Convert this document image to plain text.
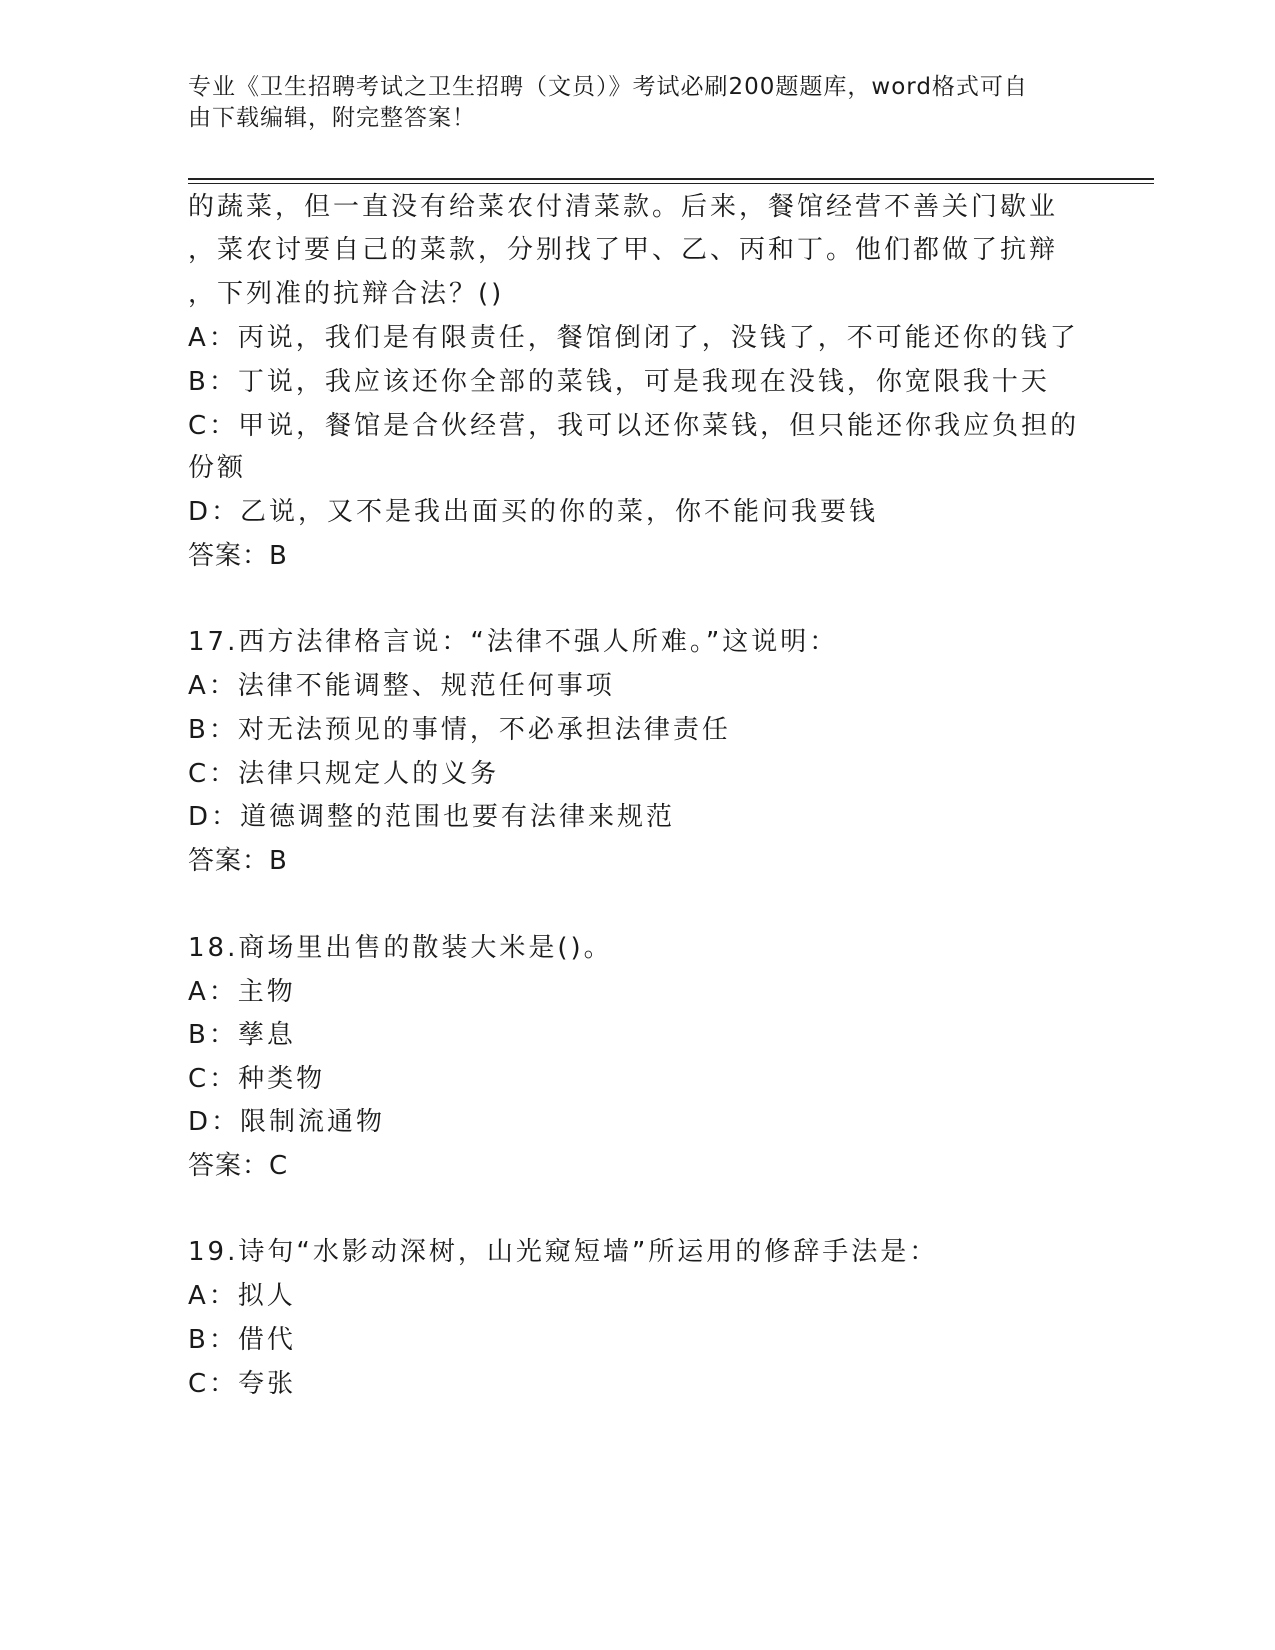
专业《卫生招聘考试之卫生招聘（文员）》考试必刷200题题库，word格式可自
由下载编辑，附完整答案！
的蔬菜，但一直没有给菜农付清菜款。后来，餐馆经营不善关门歇业
，菜农讨要自己的菜款，分别找了甲、乙、丙和丁。他们都做了抗辩
，下列准的抗辩合法？()
A：丙说，我们是有限责任，餐馆倒闭了，没钱了，不可能还你的钱了
B：丁说，我应该还你全部的菜钱，可是我现在没钱，你宽限我十天
C：甲说，餐馆是合伙经营，我可以还你菜钱，但只能还你我应负担的
份额
D：乙说，又不是我出面买的你的菜，你不能问我要钱
答案：B
17.西方法律格言说：“法律不强人所难。”这说明：
A：法律不能调整、规范任何事项
B：对无法预见的事情，不必承担法律责任
C：法律只规定人的义务
D：道德调整的范围也要有法律来规范
答案：B
18.商场里出售的散装大米是()。
A：主物
B：孳息
C：种类物
D：限制流通物
答案：C
19.诗句“水影动深树，山光窥短墙”所运用的修辞手法是：
A：拟人
B：借代
C：夸张
